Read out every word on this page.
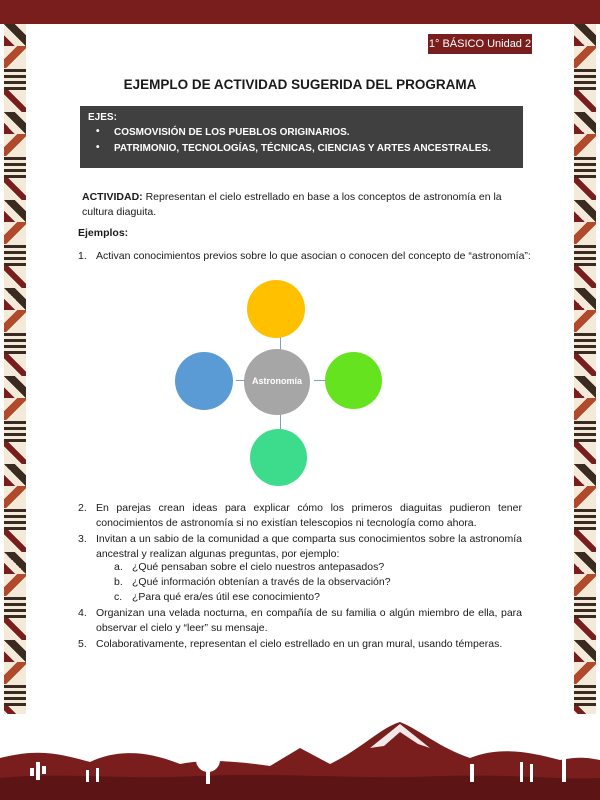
1° BÁSICO Unidad 2
EJEMPLO DE ACTIVIDAD SUGERIDA DEL PROGRAMA
EJES:
• COSMOVISIÓN DE LOS PUEBLOS ORIGINARIOS.
• PATRIMONIO, TECNOLOGÍAS, TÉCNICAS, CIENCIAS Y ARTES ANCESTRALES.
ACTIVIDAD: Representan el cielo estrellado en base a los conceptos de astronomía en la cultura diaguita.
Ejemplos:
1. Activan conocimientos previos sobre lo que asocian o conocen del concepto de “astronomía”:
Astronomía
2. En parejas crean ideas para explicar cómo los primeros diaguitas pudieron tener conocimientos de astronomía si no existían telescopios ni tecnología como ahora.
3. Invitan a un sabio de la comunidad a que comparta sus conocimientos sobre la astronomía ancestral y realizan algunas preguntas, por ejemplo:
a. ¿Qué pensaban sobre el cielo nuestros antepasados?
b. ¿Qué información obtenían a través de la observación?
c. ¿Para qué era/es útil ese conocimiento?
4. Organizan una velada nocturna, en compañía de su familia o algún miembro de ella, para observar el cielo y “leer” su mensaje.
5. Colaborativamente, representan el cielo estrellado en un gran mural, usando témperas.
